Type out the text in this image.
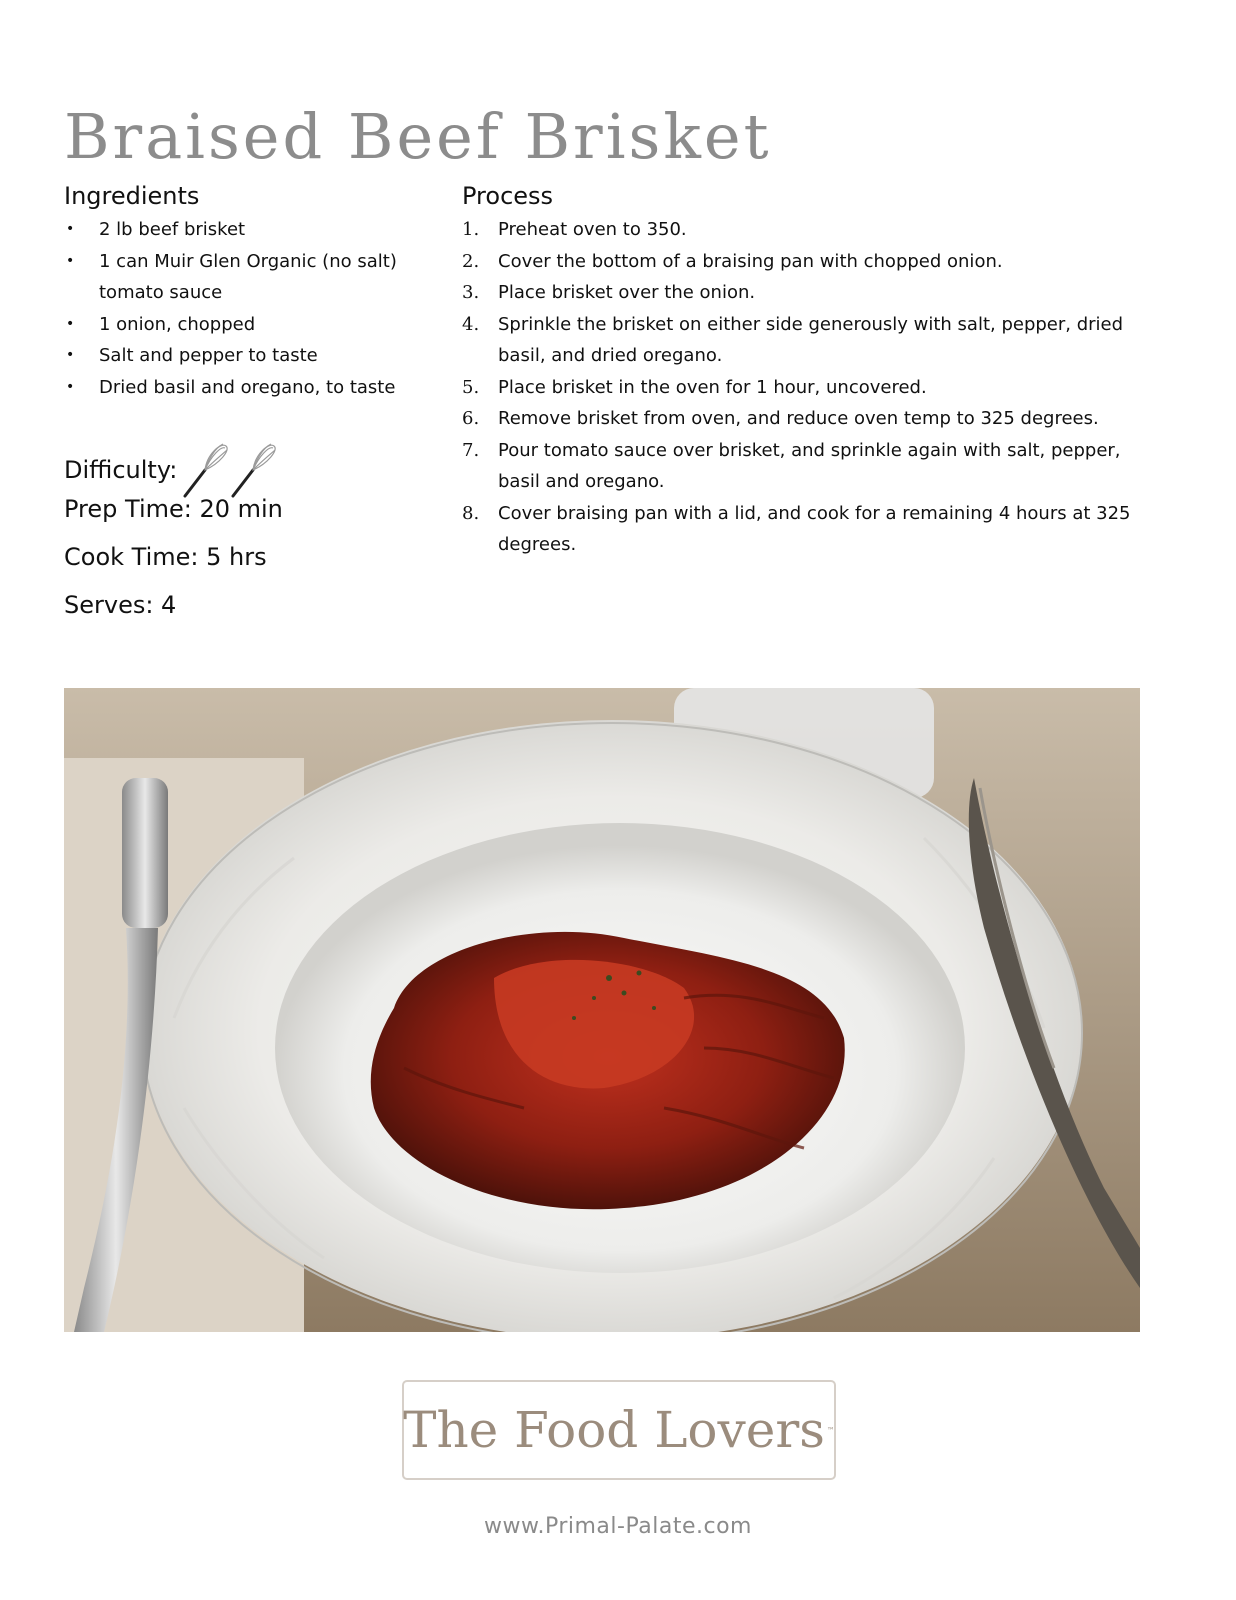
Braised Beef Brisket
Ingredients
• 2 lb beef brisket
• 1 can Muir Glen Organic (no salt) tomato sauce
• 1 onion, chopped
• Salt and pepper to taste
• Dried basil and oregano, to taste
Process
1. Preheat oven to 350.
2. Cover the bottom of a braising pan with chopped onion.
3. Place brisket over the onion.
4. Sprinkle the brisket on either side generously with salt, pepper, dried basil, and dried oregano.
5. Place brisket in the oven for 1 hour, uncovered.
6. Remove brisket from oven, and reduce oven temp to 325 degrees.
7. Pour tomato sauce over brisket, and sprinkle again with salt, pepper, basil and oregano.
8. Cover braising pan with a lid, and cook for a remaining 4 hours at 325 degrees.
Difficulty:
Prep Time: 20 min
Cook Time: 5 hrs
Serves: 4
The Food Lovers ™
www.Primal-Palate.com
